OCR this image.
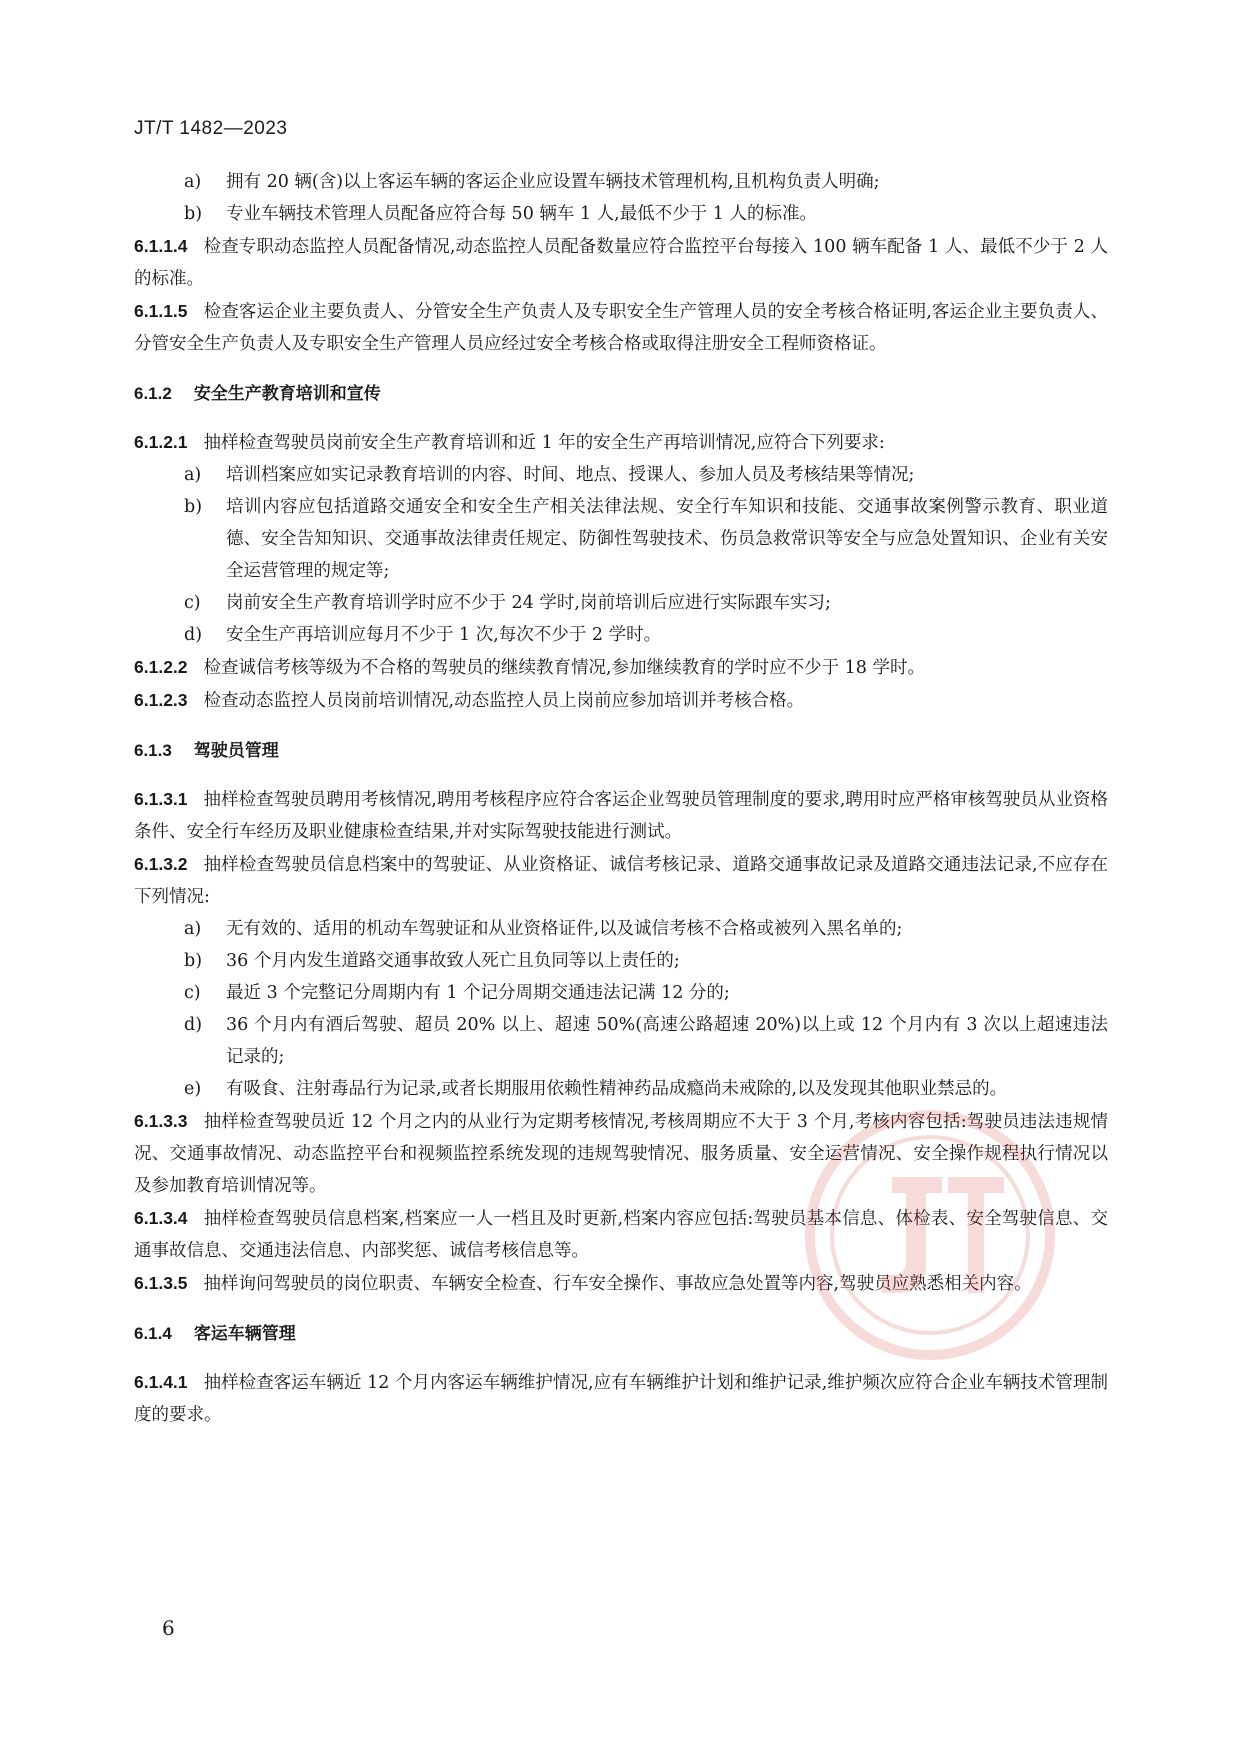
JT/T 1482—2023
a) 拥有 20 辆(含)以上客运车辆的客运企业应设置车辆技术管理机构,且机构负责人明确;
b) 专业车辆技术管理人员配备应符合每 50 辆车 1 人,最低不少于 1 人的标准。

6.1.1.4 检查专职动态监控人员配备情况,动态监控人员配备数量应符合监控平台每接入 100 辆车配备 1 人、最低不少于 2 人的标准。

6.1.1.5 检查客运企业主要负责人、分管安全生产负责人及专职安全生产管理人员的安全考核合格证明,客运企业主要负责人、分管安全生产负责人及专职安全生产管理人员应经过安全考核合格或取得注册安全工程师资格证。

6.1.2 安全生产教育培训和宣传

6.1.2.1 抽样检查驾驶员岗前安全生产教育培训和近 1 年的安全生产再培训情况,应符合下列要求:

a) 培训档案应如实记录教育培训的内容、时间、地点、授课人、参加人员及考核结果等情况;
b) 培训内容应包括道路交通安全和安全生产相关法律法规、安全行车知识和技能、交通事故案例警示教育、职业道德、安全告知知识、交通事故法律责任规定、防御性驾驶技术、伤员急救常识等安全与应急处置知识、企业有关安全运营管理的规定等;
c) 岗前安全生产教育培训学时应不少于 24 学时,岗前培训后应进行实际跟车实习;
d) 安全生产再培训应每月不少于 1 次,每次不少于 2 学时。

6.1.2.2 检查诚信考核等级为不合格的驾驶员的继续教育情况,参加继续教育的学时应不少于 18 学时。

6.1.2.3 检查动态监控人员岗前培训情况,动态监控人员上岗前应参加培训并考核合格。

6.1.3 驾驶员管理

6.1.3.1 抽样检查驾驶员聘用考核情况,聘用考核程序应符合客运企业驾驶员管理制度的要求,聘用时应严格审核驾驶员从业资格条件、安全行车经历及职业健康检查结果,并对实际驾驶技能进行测试。

6.1.3.2 抽样检查驾驶员信息档案中的驾驶证、从业资格证、诚信考核记录、道路交通事故记录及道路交通违法记录,不应存在下列情况:

a) 无有效的、适用的机动车驾驶证和从业资格证件,以及诚信考核不合格或被列入黑名单的;
b) 36 个月内发生道路交通事故致人死亡且负同等以上责任的;
c) 最近 3 个完整记分周期内有 1 个记分周期交通违法记满 12 分的;
d) 36 个月内有酒后驾驶、超员 20% 以上、超速 50%(高速公路超速 20%)以上或 12 个月内有 3 次以上超速违法记录的;
e) 有吸食、注射毒品行为记录,或者长期服用依赖性精神药品成瘾尚未戒除的,以及发现其他职业禁忌的。

6.1.3.3 抽样检查驾驶员近 12 个月之内的从业行为定期考核情况,考核周期应不大于 3 个月,考核内容包括:驾驶员违法违规情况、交通事故情况、动态监控平台和视频监控系统发现的违规驾驶情况、服务质量、安全运营情况、安全操作规程执行情况以及参加教育培训情况等。

6.1.3.4 抽样检查驾驶员信息档案,档案应一人一档且及时更新,档案内容应包括:驾驶员基本信息、体检表、安全驾驶信息、交通事故信息、交通违法信息、内部奖惩、诚信考核信息等。

6.1.3.5 抽样询问驾驶员的岗位职责、车辆安全检查、行车安全操作、事故应急处置等内容,驾驶员应熟悉相关内容。

6.1.4 客运车辆管理

6.1.4.1 抽样检查客运车辆近 12 个月内客运车辆维护情况,应有车辆维护计划和维护记录,维护频次应符合企业车辆技术管理制度的要求。

6
